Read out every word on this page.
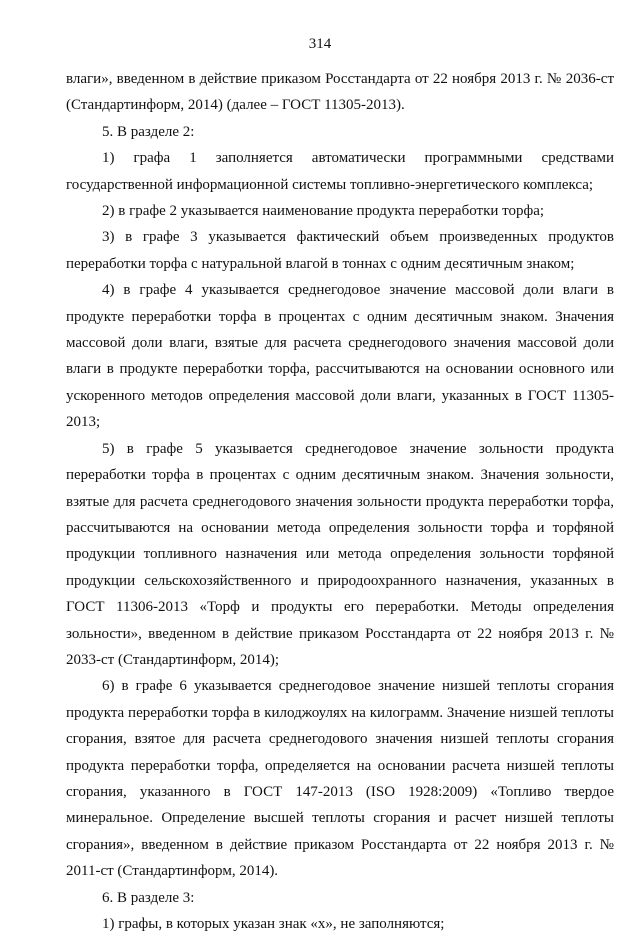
314

влаги», введенном в действие приказом Росстандарта от 22 ноября 2013 г. № 2036-ст (Стандартинформ, 2014) (далее – ГОСТ 11305-2013).

5. В разделе 2:

1) графа 1 заполняется автоматически программными средствами государственной информационной системы топливно-энергетического комплекса;

2) в графе 2 указывается наименование продукта переработки торфа;

3) в графе 3 указывается фактический объем произведенных продуктов переработки торфа с натуральной влагой в тоннах с одним десятичным знаком;

4) в графе 4 указывается среднегодовое значение массовой доли влаги в продукте переработки торфа в процентах с одним десятичным знаком. Значения массовой доли влаги, взятые для расчета среднегодового значения массовой доли влаги в продукте переработки торфа, рассчитываются на основании основного или ускоренного методов определения массовой доли влаги, указанных в ГОСТ 11305-2013;

5) в графе 5 указывается среднегодовое значение зольности продукта переработки торфа в процентах с одним десятичным знаком. Значения зольности, взятые для расчета среднегодового значения зольности продукта переработки торфа, рассчитываются на основании метода определения зольности торфа и торфяной продукции топливного назначения или метода определения зольности торфяной продукции сельскохозяйственного и природоохранного назначения, указанных в ГОСТ 11306-2013 «Торф и продукты его переработки. Методы определения зольности», введенном в действие приказом Росстандарта от 22 ноября 2013 г. № 2033-ст (Стандартинформ, 2014);

6) в графе 6 указывается среднегодовое значение низшей теплоты сгорания продукта переработки торфа в килоджоулях на килограмм. Значение низшей теплоты сгорания, взятое для расчета среднегодового значения низшей теплоты сгорания продукта переработки торфа, определяется на основании расчета низшей теплоты сгорания, указанного в ГОСТ 147-2013 (ISO 1928:2009) «Топливо твердое минеральное. Определение высшей теплоты сгорания и расчет низшей теплоты сгорания», введенном в действие приказом Росстандарта от 22 ноября 2013 г. № 2011-ст (Стандартинформ, 2014).

6. В разделе 3:

1) графы, в которых указан знак «х», не заполняются;
